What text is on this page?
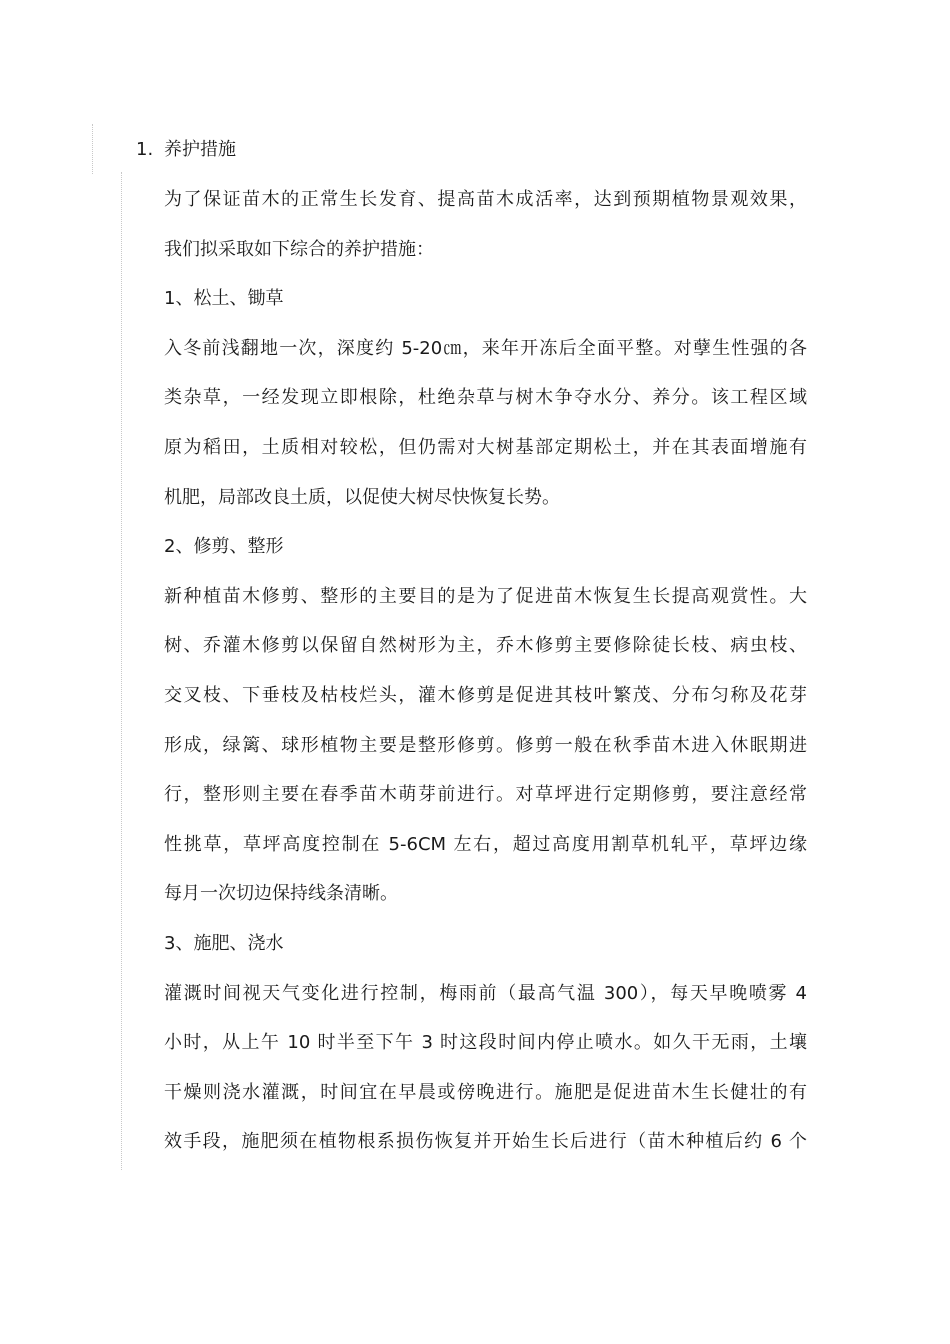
1. 养护措施
为了保证苗木的正常生长发育、提高苗木成活率，达到预期植物景观效果，
我们拟采取如下综合的养护措施：
1、松土、锄草
入冬前浅翻地一次，深度约 5-20㎝，来年开冻后全面平整。对孽生性强的各
类杂草，一经发现立即根除，杜绝杂草与树木争夺水分、养分。该工程区域
原为稻田，土质相对较松，但仍需对大树基部定期松土，并在其表面增施有
机肥，局部改良土质，以促使大树尽快恢复长势。
2、修剪、整形
新种植苗木修剪、整形的主要目的是为了促进苗木恢复生长提高观赏性。大
树、乔灌木修剪以保留自然树形为主，乔木修剪主要修除徒长枝、病虫枝、
交叉枝、下垂枝及枯枝烂头，灌木修剪是促进其枝叶繁茂、分布匀称及花芽
形成，绿篱、球形植物主要是整形修剪。修剪一般在秋季苗木进入休眠期进
行，整形则主要在春季苗木萌芽前进行。对草坪进行定期修剪，要注意经常
性挑草，草坪高度控制在 5-6CM 左右，超过高度用割草机轧平，草坪边缘
每月一次切边保持线条清晰。
3、施肥、浇水
灌溉时间视天气变化进行控制，梅雨前（最高气温 300），每天早晚喷雾 4
小时，从上午 10 时半至下午 3 时这段时间内停止喷水。如久干无雨，土壤
干燥则浇水灌溉，时间宜在早晨或傍晚进行。施肥是促进苗木生长健壮的有
效手段，施肥须在植物根系损伤恢复并开始生长后进行（苗木种植后约 6 个
